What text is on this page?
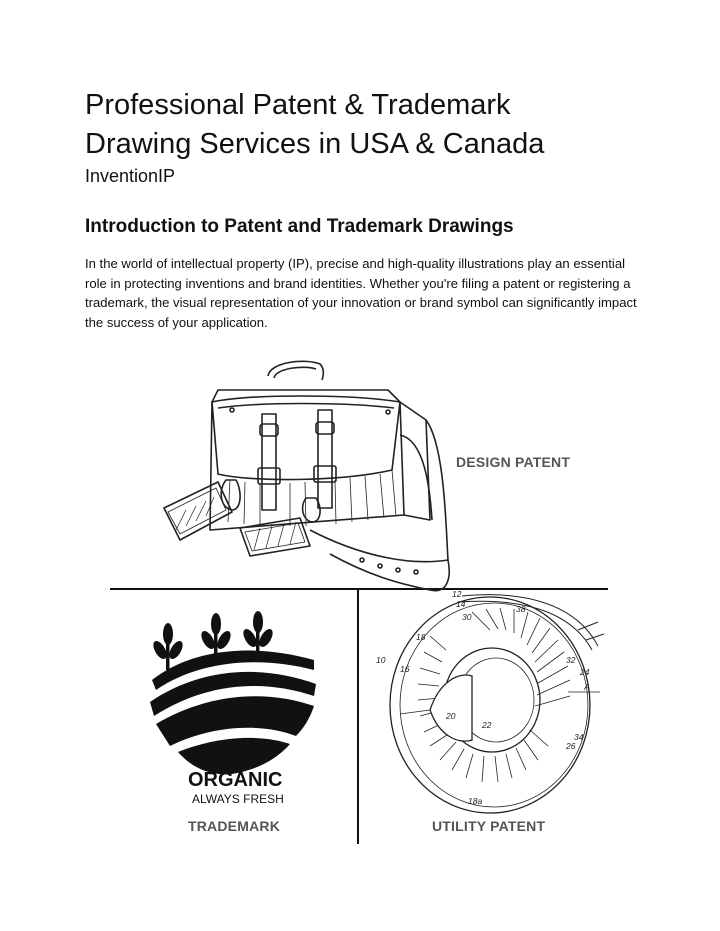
Professional Patent & Trademark
Drawing Services in USA & Canada
InventionIP
Introduction to Patent and Trademark Drawings

In the world of intellectual property (IP), precise and high-quality illustrations play an essential role in protecting inventions and brand identities. Whether you're filing a patent or registering a trademark, the visual representation of your innovation or brand symbol can significantly impact the success of your application.

ORGANIC
ALWAYS FRESH
12
14
30
38
18
10
16
32
24
A
20
22
34
26
18a
DESIGN PATENT
TRADEMARK	UTILITY PATENT
